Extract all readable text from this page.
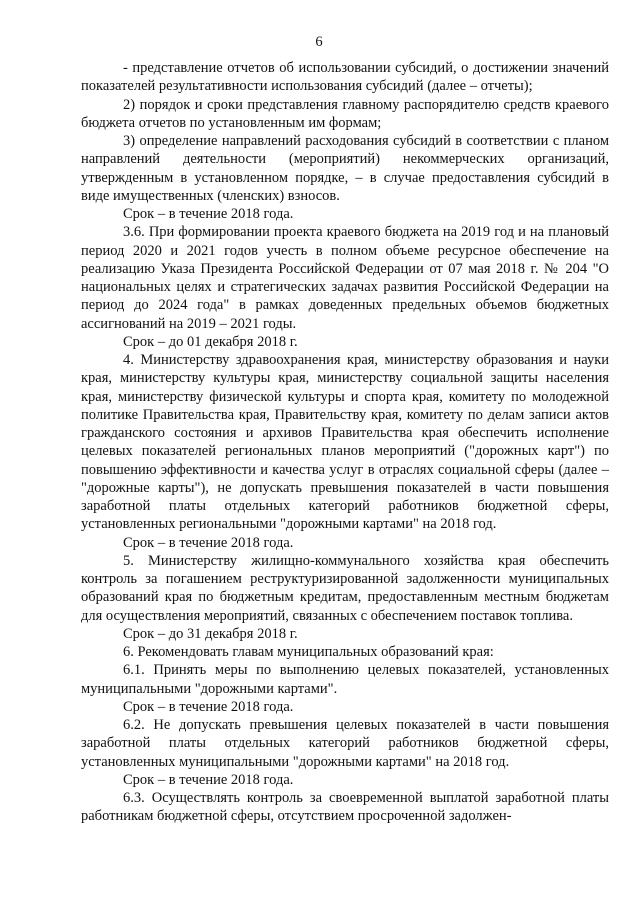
6

- представление отчетов об использовании субсидий, о достижении значений показателей результативности использования субсидий (далее – отчеты);

2) порядок и сроки представления главному распорядителю средств краевого бюджета отчетов по установленным им формам;

3) определение направлений расходования субсидий в соответствии с планом направлений деятельности (мероприятий) некоммерческих организаций, утвержденным в установленном порядке, – в случае предоставления субсидий в виде имущественных (членских) взносов.

Срок – в течение 2018 года.

3.6. При формировании проекта краевого бюджета на 2019 год и на плановый период 2020 и 2021 годов учесть в полном объеме ресурсное обеспечение на реализацию Указа Президента Российской Федерации от 07 мая 2018 г. № 204 "О национальных целях и стратегических задачах развития Российской Федерации на период до 2024 года" в рамках доведенных предельных объемов бюджетных ассигнований на 2019 – 2021 годы.

Срок – до 01 декабря 2018 г.

4. Министерству здравоохранения края, министерству образования и науки края, министерству культуры края, министерству социальной защиты населения края, министерству физической культуры и спорта края, комитету по молодежной политике Правительства края, Правительству края, комитету по делам записи актов гражданского состояния и архивов Правительства края обеспечить исполнение целевых показателей региональных планов мероприятий ("дорожных карт") по повышению эффективности и качества услуг в отраслях социальной сферы (далее – "дорожные карты"), не допускать превышения показателей в части повышения заработной платы отдельных категорий работников бюджетной сферы, установленных региональными "дорожными картами" на 2018 год.

Срок – в течение 2018 года.

5. Министерству жилищно-коммунального хозяйства края обеспечить контроль за погашением реструктуризированной задолженности муниципальных образований края по бюджетным кредитам, предоставленным местным бюджетам для осуществления мероприятий, связанных с обеспечением поставок топлива.

Срок – до 31 декабря 2018 г.

6. Рекомендовать главам муниципальных образований края:

6.1. Принять меры по выполнению целевых показателей, установленных муниципальными "дорожными картами".

Срок – в течение 2018 года.

6.2. Не допускать превышения целевых показателей в части повышения заработной платы отдельных категорий работников бюджетной сферы, установленных муниципальными "дорожными картами" на 2018 год.

Срок – в течение 2018 года.

6.3. Осуществлять контроль за своевременной выплатой заработной платы работникам бюджетной сферы, отсутствием просроченной задолжен-
